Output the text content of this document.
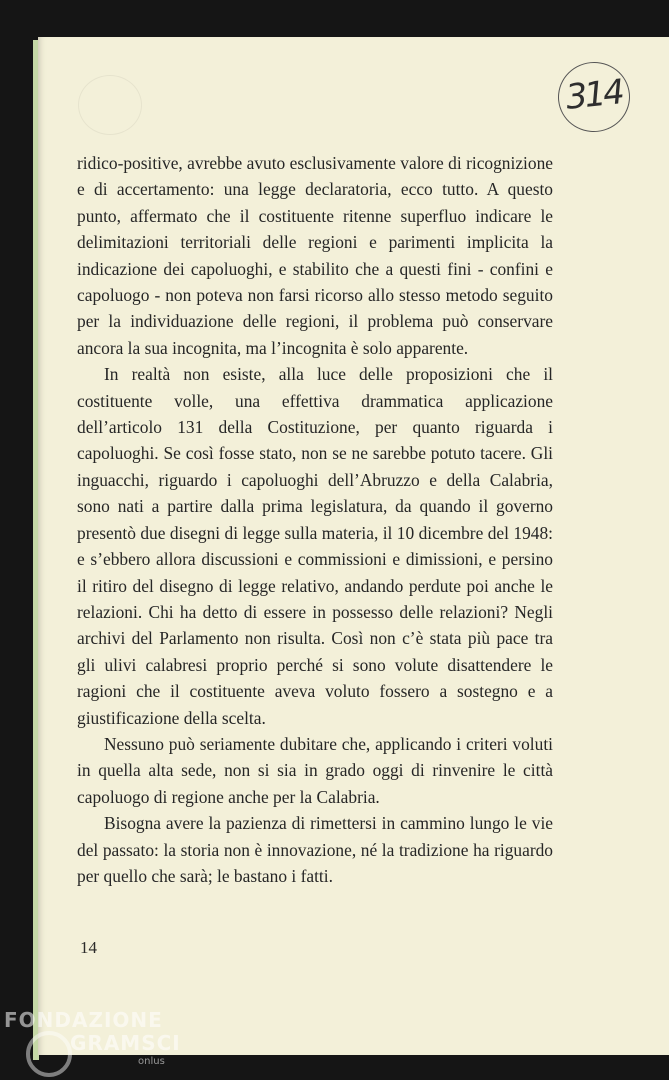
314

ridico-positive, avrebbe avuto esclusivamente valore di ricognizione e di accertamento: una legge declaratoria, ecco tutto. A questo punto, affermato che il costituente ritenne superfluo indicare le delimitazioni territoriali delle regioni e parimenti implicita la indicazione dei capoluoghi, e stabilito che a questi fini - confini e capoluogo - non poteva non farsi ricorso allo stesso metodo seguito per la individuazione delle regioni, il problema può conservare ancora la sua incognita, ma l’incognita è solo apparente.

In realtà non esiste, alla luce delle proposizioni che il costituente volle, una effettiva drammatica applicazione dell’articolo 131 della Costituzione, per quanto riguarda i capoluoghi. Se così fosse stato, non se ne sarebbe potuto tacere. Gli inguacchi, riguardo i capoluoghi dell’Abruzzo e della Calabria, sono nati a partire dalla prima legislatura, da quando il governo presentò due disegni di legge sulla materia, il 10 dicembre del 1948: e s’ebbero allora discussioni e commissioni e dimissioni, e persino il ritiro del disegno di legge relativo, andando perdute poi anche le relazioni. Chi ha detto di essere in possesso delle relazioni? Negli archivi del Parlamento non risulta. Così non c’è stata più pace tra gli ulivi calabresi proprio perché si sono volute disattendere le ragioni che il costituente aveva voluto fossero a sostegno e a giustificazione della scelta.

Nessuno può seriamente dubitare che, applicando i criteri voluti in quella alta sede, non si sia in grado oggi di rinvenire le città capoluogo di regione anche per la Calabria.

Bisogna avere la pazienza di rimettersi in cammino lungo le vie del passato: la storia non è innovazione, né la tradizione ha riguardo per quello che sarà; le bastano i fatti.

14
FONDAZIONE
GRAMSCI
onlus
